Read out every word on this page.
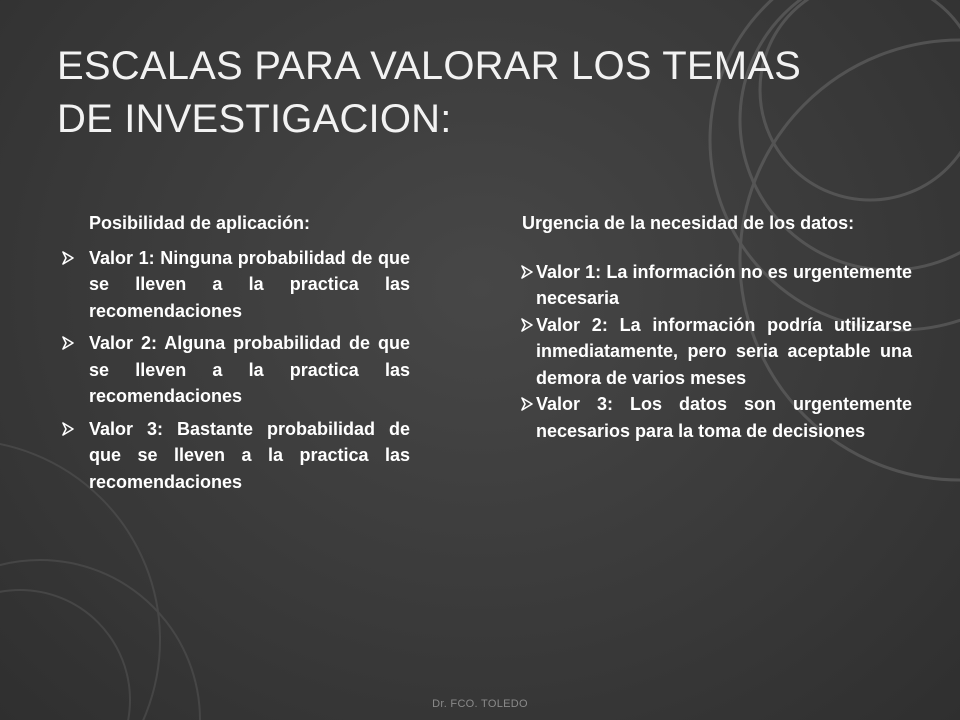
ESCALAS PARA VALORAR LOS TEMAS
DE INVESTIGACION:

Posibilidad de aplicación:

Valor 1: Ninguna probabilidad de que se lleven a la practica las recomendaciones
Valor 2: Alguna probabilidad de que se lleven a la practica las recomendaciones
Valor 3: Bastante probabilidad de que se lleven a la practica las recomendaciones

Urgencia de la necesidad de los datos:

Valor 1: La información no es urgentemente necesaria
Valor 2: La información podría utilizarse inmediatamente, pero seria aceptable una demora de varios meses
Valor 3: Los datos son urgentemente necesarios para la toma de decisiones
Dr. FCO. TOLEDO
